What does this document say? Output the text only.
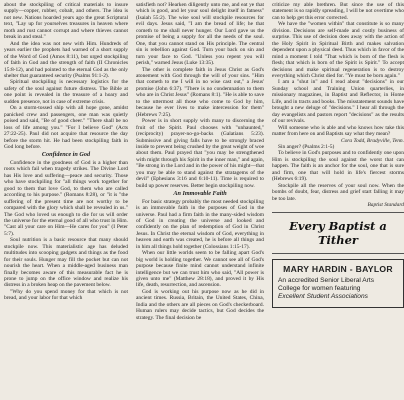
about the stockpiling of critical materials to insure supply—copper, rubber, cobalt, and others. The idea is not new. Nations hoarded years ago the great Scriptural text, "Lay up for yourselves treasures in heaven where moth and rust cannot corrupt and where thieves cannot break in and steal."

And the idea was not new with Him. Hundreds of years earlier the prophets had warned of a short supply of the Word of God (Amos 8:11), but urged stockpiling of faith in God and the strength of faith (II Chronicles 15:8-12), and had pointed to the eternal God as the only shelter that guaranteed security (Psalms 91:1-2).

Spiritual stockpiling is necessary logistics for the safety of the soul against future distress. The Bible at one point is revealed in the treasure of a hoary and sudden presence, not in case of extreme crisis.

On a storm-tossed ship with all hope gone, amidst panicked crew and passengers, one man was quietly poised and said, "Be of good cheer." "There shall be no loss of life among you." "For I believe God" (Acts 27:22-25). Paul did not acquire that resource the day before the storm hit. He had been stockpiling faith in God long before.

Confidence in God

Confidence in the goodness of God is a higher than roots which fail when tragedy strikes. The Divine Lord has His love and suffering—peace and security. Those who have stockpiling for "all things work together for good to them that love God, to them who are called according to his purpose." (Romans 8:28), or "it is "the suffering of the present time are not worthy to be compared with the glory which shall be revealed in us." The God who loved us enough to die for us will order the universe for the eternal good of all who trust in Him. "Cast all your care on Him—He cares for you" (I Peter 5:7).

Soul nutrition is a basic resource that many should stockpile now. This materialistic age has deluded multitudes into scooping gadgets and things as the food for their souls. Hunger may fill the pocket but can not nourish the heart. When a middle-aged business man finally becomes aware of this measurable fact he is prone to jump on the office window and realize his distress in a broken heap on the pavement below.

"Why do you spend money for that which is not bread, and your labor for that which

satisfieth not? Hearken diligently unto me, and eat ye that which is good, and let your soul delight itself in fatness" (Isaiah 55:2). The wise soul will stockpile resources for evil days. Jesus said, "I am the bread of life; he that cometh to me shall never hunger. Our Lord gave us the promise of being a supply for all the needs of the soul. One, that you cannot stand on His principle. The central sin is rebellion against God. Turn your back on sin and turn your face to God. "Unless you repent you will perish," warned Jesus (Luke 13:35).

The other is complete faith in Jesus Christ as God's atonement with God through the will of your sins. "Him that cometh to me I will in no wise cast out," a Jesus' promise (John 6:37). "There is no condemnation to them who are in Christ Jesus" (Romans 8:1). "He is able to save to the uttermost all those who come to God by him, because he ever lives to make intercession for them" (Hebrews 7:25).

Power is in short supply with many to discerning the fruit of the Spirit. Paul chooses with "unhaunted," (reciprocity) prayer-no-go-backs (Galatians 5:23). Submissive and giving falls have to be strongly braced inside to prevent being crushed by the great weight of woe about them. Paul prayed that "you may be strengthened with might through his Spirit in the inner man," and again, "Be strong in the Lord and in the power of his might—that you may be able to stand against the stratagems of the devil" (Ephesians 3:16 and 6:10-11). Time is required to build up power reserves. Better begin stockpiling now.

An Immovable Faith

For basic strategy probably the most needed stockpiling is an immovable faith in the purposes of God in the universe. Paul had a firm faith in the many-sided wisdom of God in creating the universe and looked and confidently on the plan of redemption of God in Christ Jesus. In Christ the eternal wisdom of God, everything in heaven and earth was created, he is before all things and in him all things hold together (Colossians 1:15-17).

When our little worlds seem to be falling apart God's big world is holding together. We cannot see all of God's purpose because finite mind cannot understand infinite intelligence but we can trust him who said, "All power is given unto me" (Matthew 28:18), and proved it by His life, death, resurrection, and ascension.

God is working out his purpose now as he did in ancient times. Russia, Britain, the United States, China, India and the others are all pieces on God's checkerboard. Human rulers may decide tactics, but God decides the strategy. The final decision be

criticize my able brethren. But since the use of this statement is so rapidly spreading, I will be not overtime who can to help get this error corrected.

We have the "women within" that constitute is so many division. Decisions are self-made and costly business of surprise. This use of decision does away with the action of the Holy Spirit in Spiritual Birth and makes salvation dependent upon a physical deed. Thus which in favor of the mind a moment I told "That which is born of the flesh is flesh; that which is born of the Spirit is Spirit." To accept decisions and make spiritual regeneration is to destroy everything which Christ died for. "Ye must be born again."

I am a "shut in" and I read about "decisions" in our Sunday school and Training Union quarterlies, in missionary magazines, in Baptist and Reflector, in Home Life, and in tracts and books. The misstatement sounds have brought a new deluge of "decisions." I hear all through the day evangelists and pastors report "decisions" as the results of our revivals.

Will someone who is able and who knows how take this matter from here on and Baptists say what they mean?

Cora Todd, Bradyville, Tenn.

Sin anger? (Psalms 2:1-5)

To believe in God's purposes and to confidently one upon Him is stockpiling the soul against the worst that can happen. The faith is an anchor for the soul, one that is sure and firm, one that will hold in life's fiercest storms (Hebrews 6:19).

Stockpile all the reserves of your soul now. When the bombs of doubt, fear, distress and grief start falling it may be too late.

Baptist Standard

Every Baptist a Tither
MARY HARDIN - BAYLOR
An accredited Senior Liberal Arts
College for women featuring
Excellent Student Associations
